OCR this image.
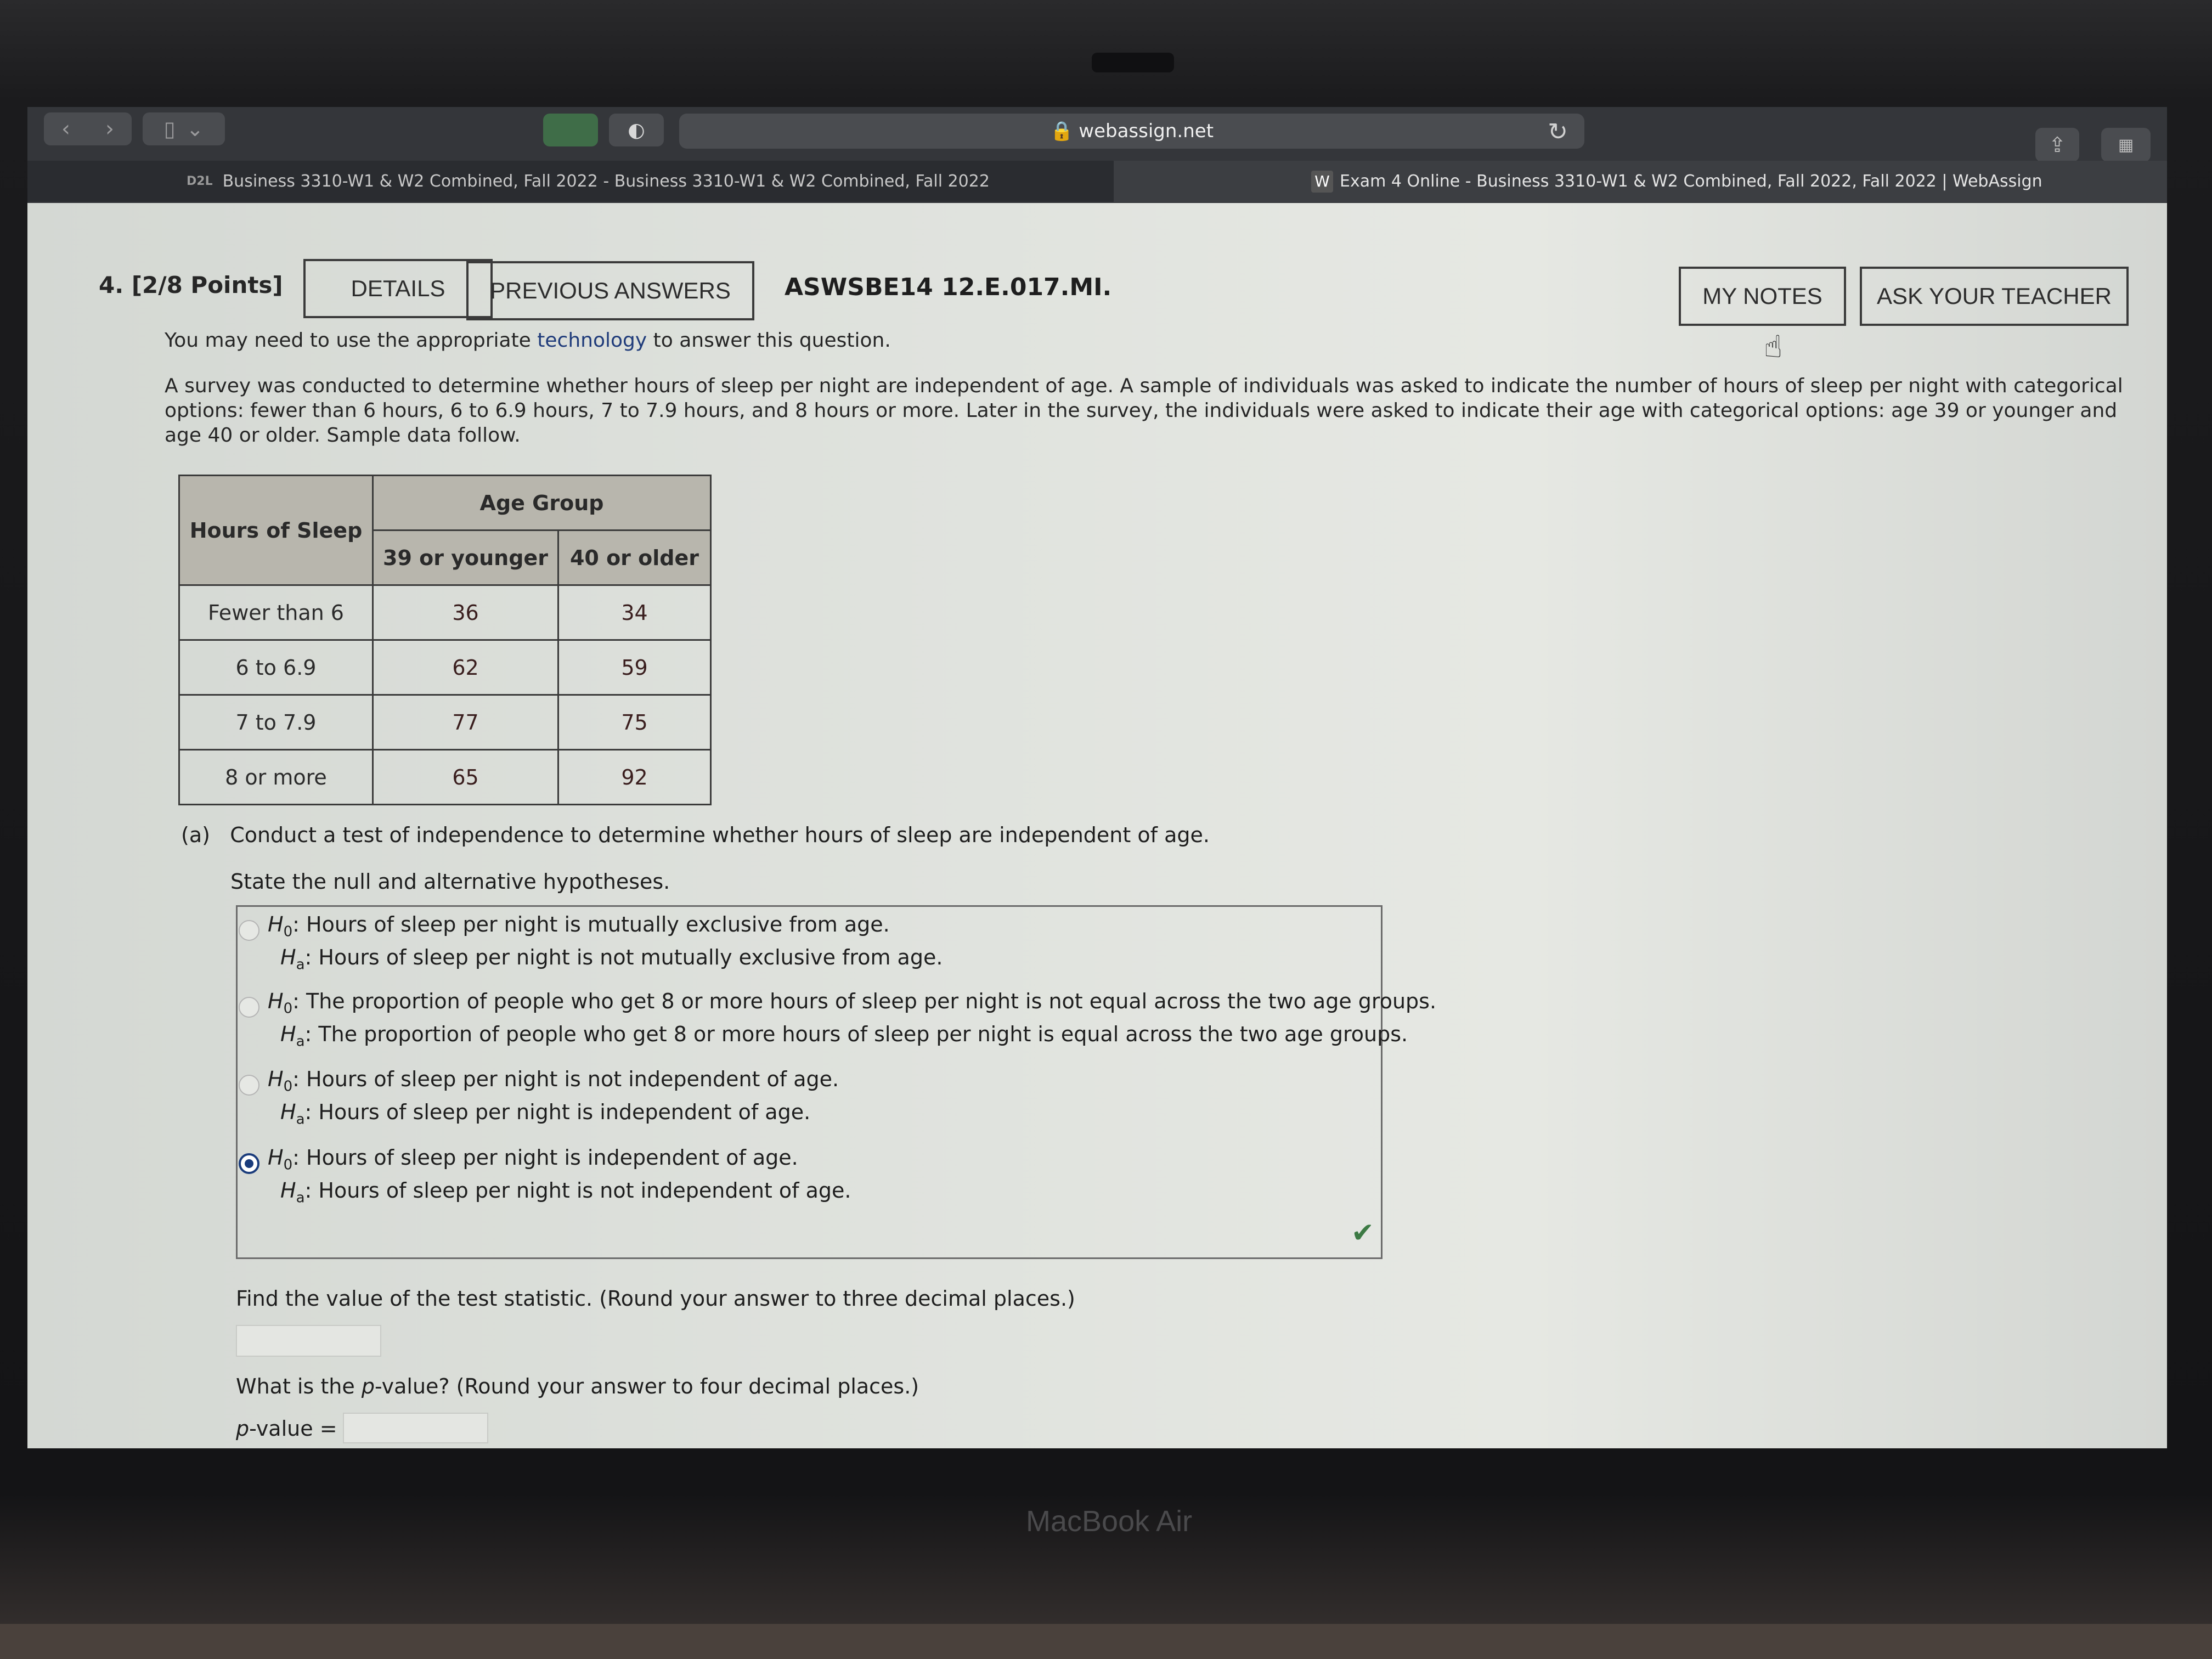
‹ › ▯ ⌄	◐	🔒 webassign.net	↻	⇪	▦
D2L Business 3310-W1 & W2 Combined, Fall 2022 - Business 3310-W1 & W2 Combined, Fall 2022	W Exam 4 Online - Business 3310-W1 & W2 Combined, Fall 2022, Fall 2022 | WebAssign
4. [2/8 Points]	DETAILS	PREVIOUS ANSWERS	ASWSBE14 12.E.017.MI.	MY NOTES	ASK YOUR TEACHER
You may need to use the appropriate technology to answer this question.
A survey was conducted to determine whether hours of sleep per night are independent of age. A sample of individuals was asked to indicate the number of hours of sleep per night with categorical options: fewer than 6 hours, 6 to 6.9 hours, 7 to 7.9 hours, and 8 hours or more. Later in the survey, the individuals were asked to indicate their age with categorical options: age 39 or younger and age 40 or older. Sample data follow.
Hours of Sleep	Age Group	
	39 or younger	40 or older
Fewer than 6	36	34
6 to 6.9	62	59
7 to 7.9	77	75
8 or more	65	92
(a) Conduct a test of independence to determine whether hours of sleep are independent of age.
State the null and alternative hypotheses.
$H_0$: Hours of sleep per night is mutually exclusive from age.
$H_a$: Hours of sleep per night is not mutually exclusive from age.
$H_0$: The proportion of people who get 8 or more hours of sleep per night is not equal across the two age groups.
$H_a$: The proportion of people who get 8 or more hours of sleep per night is equal across the two age groups.
$H_0$: Hours of sleep per night is not independent of age.
$H_a$: Hours of sleep per night is independent of age.
$H_0$: Hours of sleep per night is independent of age.
$H_a$: Hours of sleep per night is not independent of age.
✔
Find the value of the test statistic. (Round your answer to three decimal places.)
What is the p-value? (Round your answer to four decimal places.)
p-value =
☝
MacBook Air
